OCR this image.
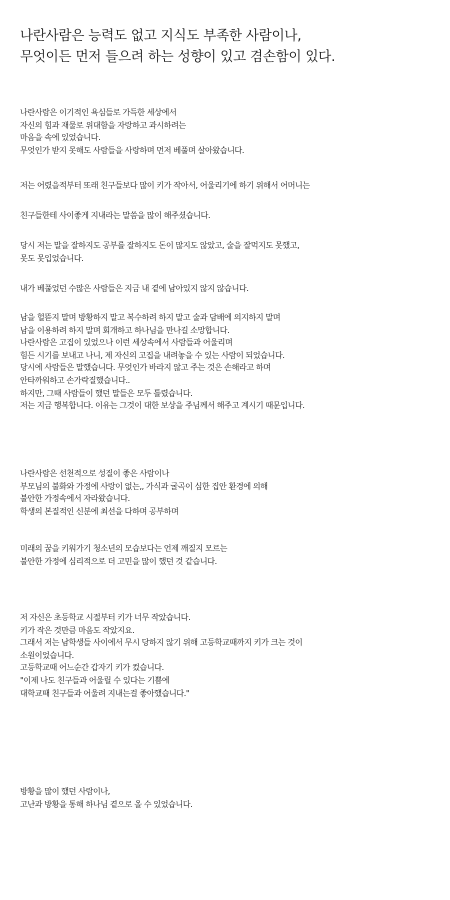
나란사람은 능력도 없고 지식도 부족한 사람이나,
무엇이든 먼저 들으려 하는 성향이 있고 겸손함이 있다.
나란사람은 이기적인 욕심들로 가득한 세상에서
자신의 힘과 재물로 위대함을 자랑하고 과시하려는
마음을 속에 있었습니다.
무엇인가 받지 못해도 사람들을 사랑하며 먼저 베풀며 살아왔습니다.
저는 어렸을적부터 또래 친구들보다 많이 키가 작아서, 어울리기에 하기 위해서 어머니는
친구들한테 사이좋게 지내라는 말씀을 많이 해주셨습니다.
당시 저는 말을 잘하지도 공부를 잘하지도 돈이 많지도 않았고, 술을 잘먹지도 못했고,
못도 못입었습니다.
내가 베풀었던 수많은 사람들은 지금 내 곁에 남아있지 않지 않습니다.
남을 헐뜯지 말며 방황하지 말고 복수하려 하지 말고 술과 담배에 의지하지 말며
남을 이용하려 하지 말며 회개하고 하나님을 만나길 소망합니다.
나란사람은 고집이 있었으나 이런 세상속에서 사람들과 어울리며
힘든 시기를 보내고 나니, 제 자신의 고집을 내려놓을 수 있는 사람이 되었습니다.
당시에 사람들은 말했습니다. 무엇인가 바라지 않고 주는 것은 손해라고 하며
안타까워하고 손가락질했습니다..
하지만, 그때 사람들이 했던 말들은 모두 틀렸습니다.
저는 지금 행복합니다. 이유는 그것이 대한 보상을 주님께서 해주고 계시기 때문입니다.
나란사람은 선천적으로 성질이 좋은 사람이나
부모님의 불화와 가정에 사랑이 없는,, 가식과 굴곡이 심한 집안 환경에 의해
불안한 가정속에서 자라왔습니다.
학생의 본질적인 신분에 최선을 다하며 공부하며
미래의 꿈을 키워가기 청소년의 모습보다는 언제 깨질지 모르는
불안한 가정에 심리적으로 더 고민을 많이 했던 것 같습니다.
저 자신은 초등학교 시절부터 키가 너무 작았습니다.
키가 작은 것만큼 마음도 작았지요.
그래서 저는 남학생들 사이에서 무시 당하지 않기 위해 고등학교때까지 키가 크는 것이
소원이었습니다.
고등학교때 어느순간 갑자기 키가 컸습니다.
"이제 나도 친구들과 어울릴 수 있다는 기쁨에
대학교때 친구들과 어울려 지내는걸 좋아했습니다."
방황을 많이 했던 사람이나,
고난과 방황을 통해 하나님 곁으로 올 수 있었습니다.
